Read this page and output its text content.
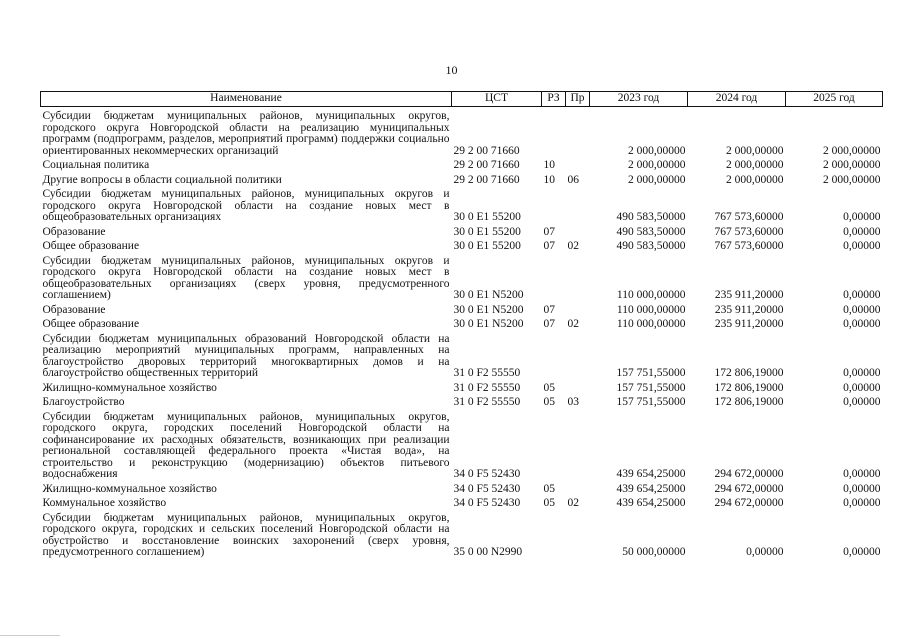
10
Наименование	ЦСТ	РЗ	Пр	2023 год	2024 год	2025 год
Субсидии бюджетам муниципальных районов, муниципальных округов, городского округа Новгородской области на реализацию муниципальных программ (подпрограмм, разделов, мероприятий программ) поддержки социально ориентированных некоммерческих организаций	29 2 00 71660			2 000,00000	2 000,00000	2 000,00000
Социальная политика	29 2 00 71660	10		2 000,00000	2 000,00000	2 000,00000
Другие вопросы в области социальной политики	29 2 00 71660	10	06	2 000,00000	2 000,00000	2 000,00000
Субсидии бюджетам муниципальных районов, муниципальных округов и городского округа Новгородской области на создание новых мест в общеобразовательных организациях	30 0 E1 55200			490 583,50000	767 573,60000	0,00000
Образование	30 0 E1 55200	07		490 583,50000	767 573,60000	0,00000
Общее образование	30 0 E1 55200	07	02	490 583,50000	767 573,60000	0,00000
Субсидии бюджетам муниципальных районов, муниципальных округов и городского округа Новгородской области на создание новых мест в общеобразовательных организациях (сверх уровня, предусмотренного соглашением)	30 0 E1 N5200			110 000,00000	235 911,20000	0,00000
Образование	30 0 E1 N5200	07		110 000,00000	235 911,20000	0,00000
Общее образование	30 0 E1 N5200	07	02	110 000,00000	235 911,20000	0,00000
Субсидии бюджетам муниципальных образований Новгородской области на реализацию мероприятий муниципальных программ, направленных на благоустройство дворовых территорий многоквартирных домов и на благоустройство общественных территорий	31 0 F2 55550			157 751,55000	172 806,19000	0,00000
Жилищно-коммунальное хозяйство	31 0 F2 55550	05		157 751,55000	172 806,19000	0,00000
Благоустройство	31 0 F2 55550	05	03	157 751,55000	172 806,19000	0,00000
Субсидии бюджетам муниципальных районов, муниципальных округов, городского округа, городских поселений Новгородской области на софинансирование их расходных обязательств, возникающих при реализации региональной составляющей федерального проекта «Чистая вода», на строительство и реконструкцию (модернизацию) объектов питьевого водоснабжения	34 0 F5 52430			439 654,25000	294 672,00000	0,00000
Жилищно-коммунальное хозяйство	34 0 F5 52430	05		439 654,25000	294 672,00000	0,00000
Коммунальное хозяйство	34 0 F5 52430	05	02	439 654,25000	294 672,00000	0,00000
Субсидии бюджетам муниципальных районов, муниципальных округов, городского округа, городских и сельских поселений Новгородской области на обустройство и восстановление воинских захоронений (сверх уровня, предусмотренного соглашением)	35 0 00 N2990			50 000,00000	0,00000	0,00000
